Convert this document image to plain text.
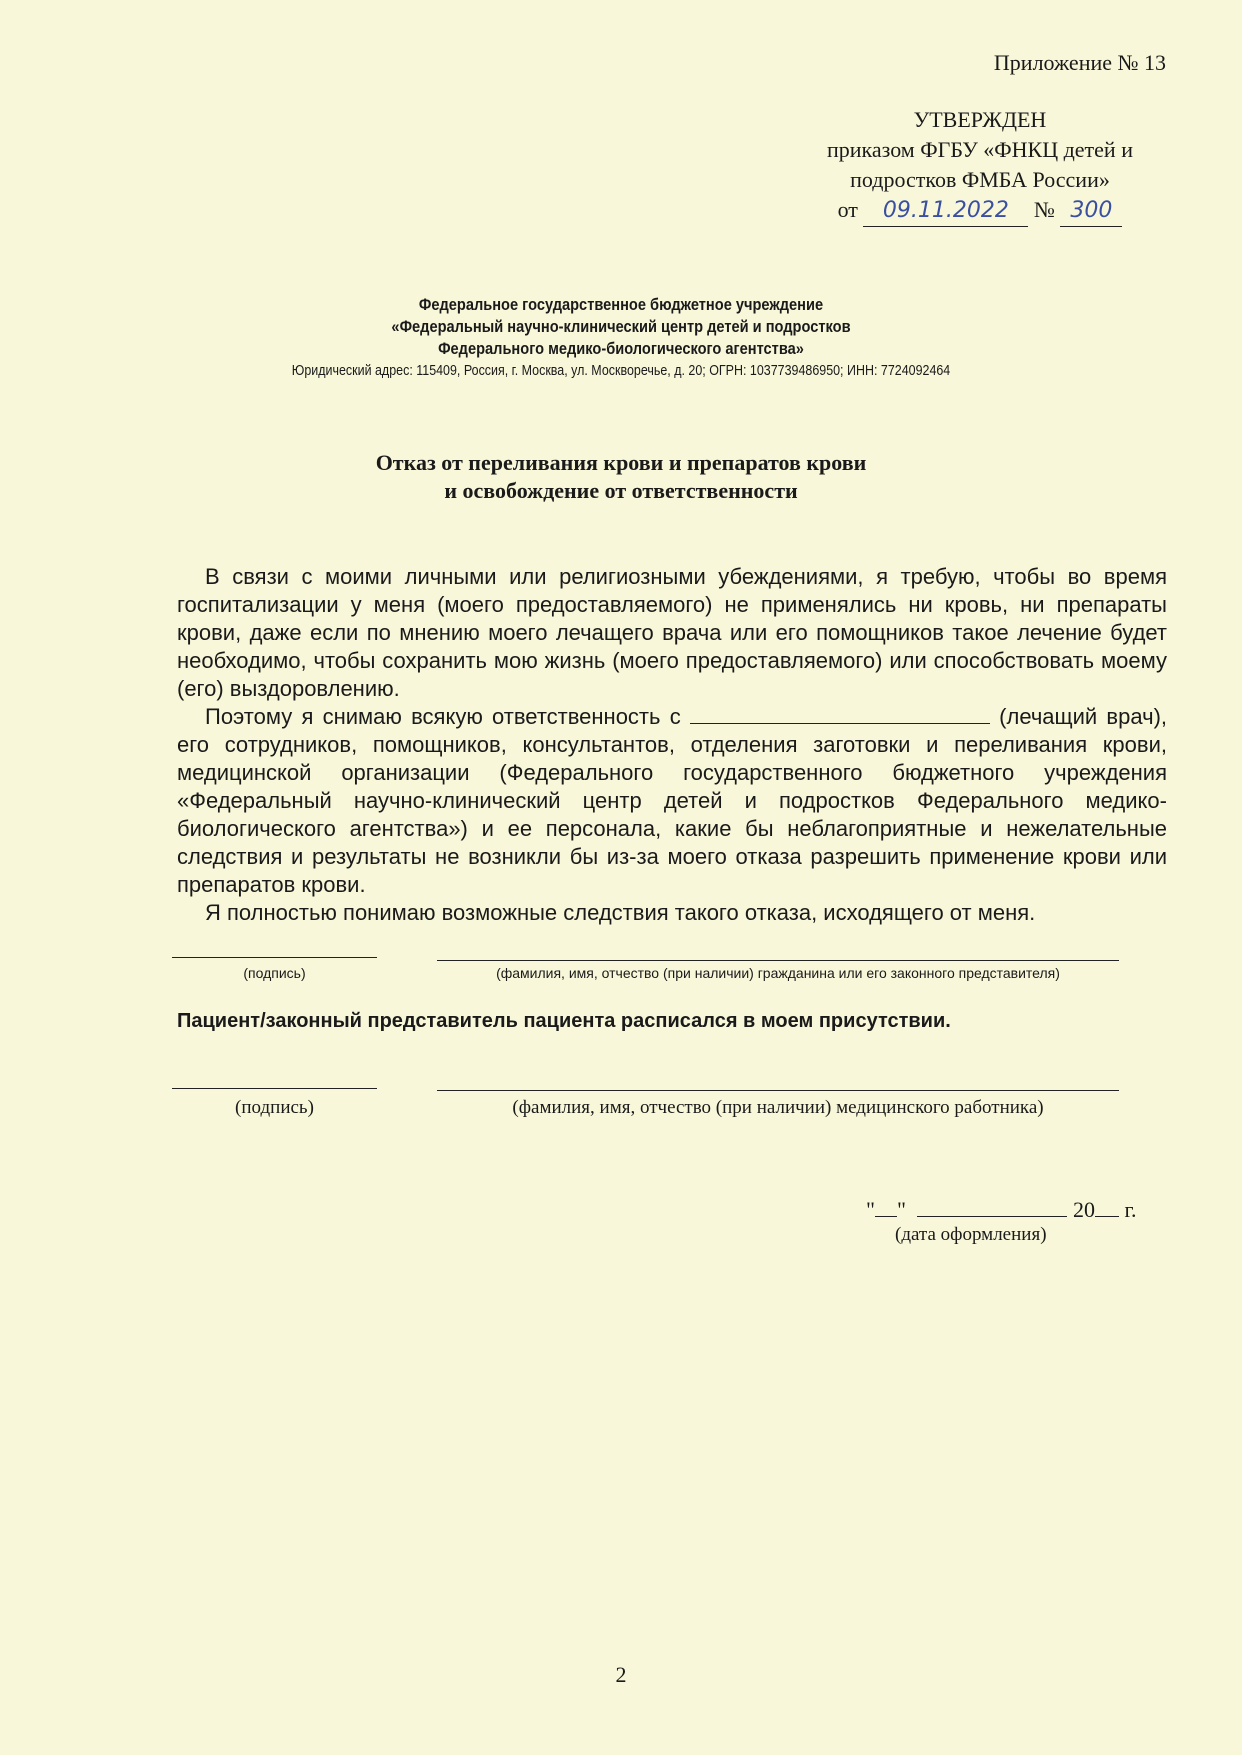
Приложение № 13
УТВЕРЖДЕН
приказом ФГБУ «ФНКЦ детей и
подростков ФМБА России»
от 09.11.2022 № 300
Федеральное государственное бюджетное учреждение
«Федеральный научно-клинический центр детей и подростков
Федерального медико-биологического агентства»
Юридический адрес: 115409, Россия, г. Москва, ул. Москворечье, д. 20; ОГРН: 1037739486950; ИНН: 7724092464
Отказ от переливания крови и препаратов крови
и освобождение от ответственности

В связи с моими личными или религиозными убеждениями, я требую, чтобы во время госпитализации у меня (моего предоставляемого) не применялись ни кровь, ни препараты крови, даже если по мнению моего лечащего врача или его помощников такое лечение будет необходимо, чтобы сохранить мою жизнь (моего предоставляемого) или способствовать моему (его) выздоровлению.

Поэтому я снимаю всякую ответственность с	(лечащий врач), его сотрудников, помощников, консультантов, отделения заготовки и переливания крови, медицинской организации (Федерального государственного бюджетного учреждения «Федеральный научно-клинический центр детей и подростков Федерального медико-биологического агентства») и ее персонала, какие бы неблагоприятные и нежелательные следствия и результаты не возникли бы из-за моего отказа разрешить применение крови или препаратов крови.

Я полностью понимаю возможные следствия такого отказа, исходящего от меня.

(подпись)	(фамилия, имя, отчество (при наличии) гражданина или его законного представителя)
Пациент/законный представитель пациента расписался в моем присутствии.
(подпись)	(фамилия, имя, отчество (при наличии) медицинского работника)
" "	20 г.
(дата оформления)
2
